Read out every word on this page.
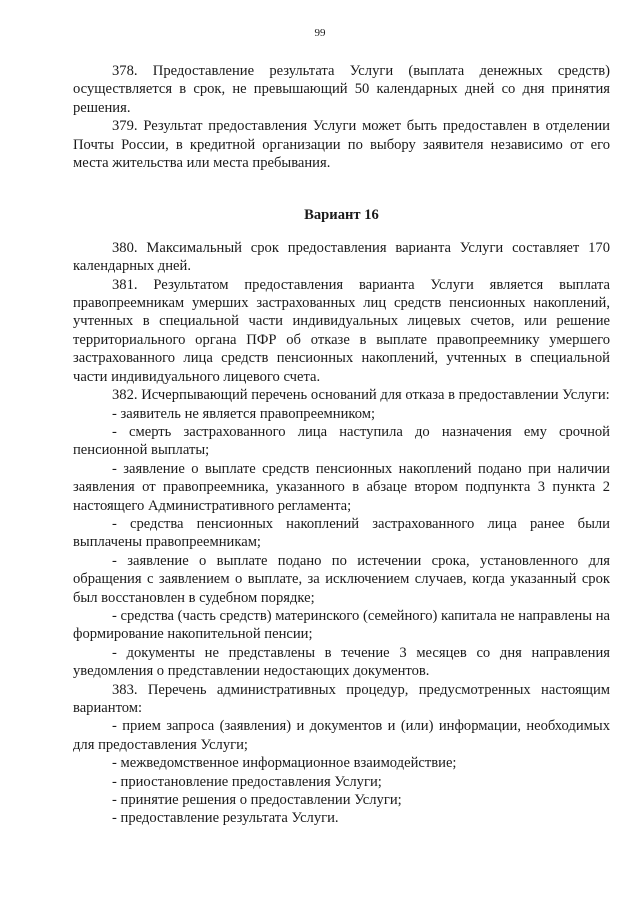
99

378. Предоставление результата Услуги (выплата денежных средств) осуществляется в срок, не превышающий 50 календарных дней со дня принятия решения.

379. Результат предоставления Услуги может быть предоставлен в отделении Почты России, в кредитной организации по выбору заявителя независимо от его места жительства или места пребывания.

Вариант 16

380. Максимальный срок предоставления варианта Услуги составляет 170 календарных дней.

381. Результатом предоставления варианта Услуги является выплата правопреемникам умерших застрахованных лиц средств пенсионных накоплений, учтенных в специальной части индивидуальных лицевых счетов, или решение территориального органа ПФР об отказе в выплате правопреемнику умершего застрахованного лица средств пенсионных накоплений, учтенных в специальной части индивидуального лицевого счета.

382. Исчерпывающий перечень оснований для отказа в предоставлении Услуги:

- заявитель не является правопреемником;

- смерть застрахованного лица наступила до назначения ему срочной пенсионной выплаты;

- заявление о выплате средств пенсионных накоплений подано при наличии заявления от правопреемника, указанного в абзаце втором подпункта 3 пункта 2 настоящего Административного регламента;

- средства пенсионных накоплений застрахованного лица ранее были выплачены правопреемникам;

- заявление о выплате подано по истечении срока, установленного для обращения с заявлением о выплате, за исключением случаев, когда указанный срок был восстановлен в судебном порядке;

- средства (часть средств) материнского (семейного) капитала не направлены на формирование накопительной пенсии;

- документы не представлены в течение 3 месяцев со дня направления уведомления о представлении недостающих документов.

383. Перечень административных процедур, предусмотренных настоящим вариантом:

- прием запроса (заявления) и документов и (или) информации, необходимых для предоставления Услуги;

- межведомственное информационное взаимодействие;

- приостановление предоставления Услуги;

- принятие решения о предоставлении Услуги;

- предоставление результата Услуги.
